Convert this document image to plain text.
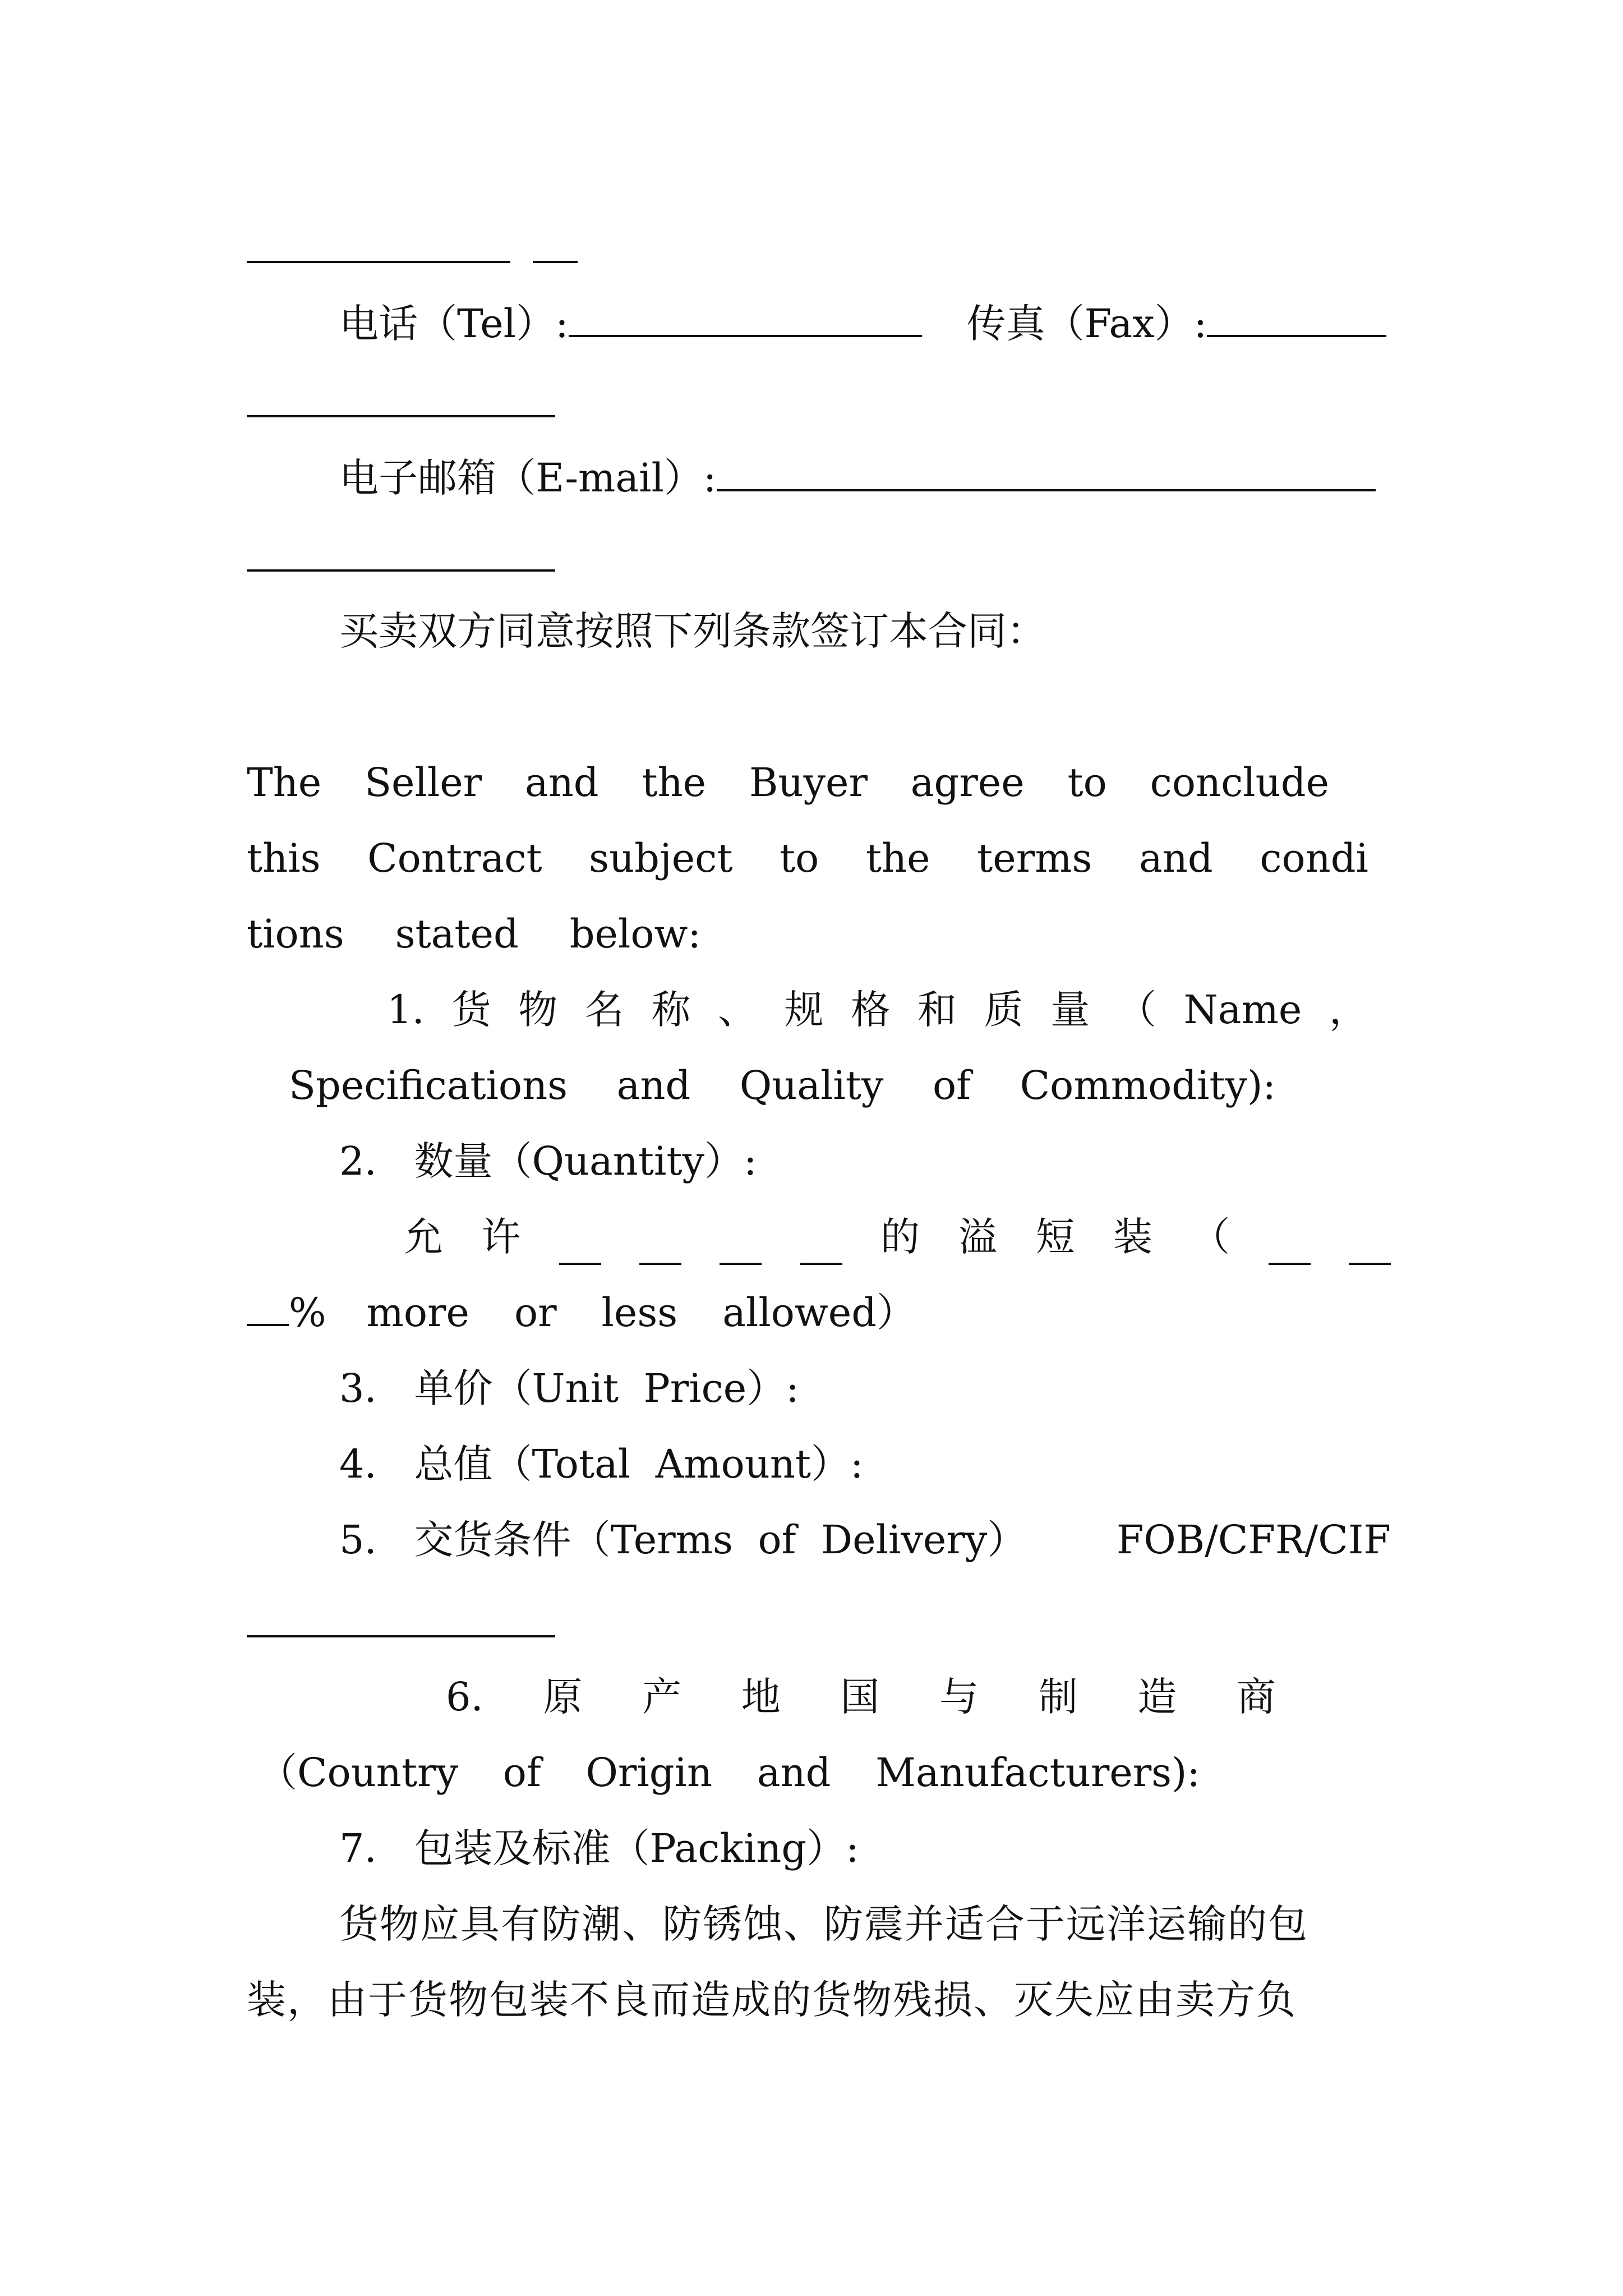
电话（Tel）:	传真（Fax）:
电子邮箱（E-mail）:
买卖双方同意按照下列条款签订本合同：
The Seller and the Buyer agree to conclude
this Contract subject to the terms and condi
tions stated below:
1. 货 物 名 称 、 规 格 和 质 量 （ Name ，
Specifications and Quality of Commodity):
2.   数量（Quantity）:
允 许	的 溢 短 装 （
% more or less allowed）
3.   单价（Unit  Price）:
4.   总值（Total  Amount）:
5.   交货条件（Terms  of  Delivery） FOB/CFR/CIF
6. 原 产 地 国 与 制 造 商
（Country of Origin and Manufacturers):
7.   包装及标准（Packing）:
货物应具有防潮、防锈蚀、防震并适合于远洋运输的包
装，由于货物包装不良而造成的货物残损、灭失应由卖方负
